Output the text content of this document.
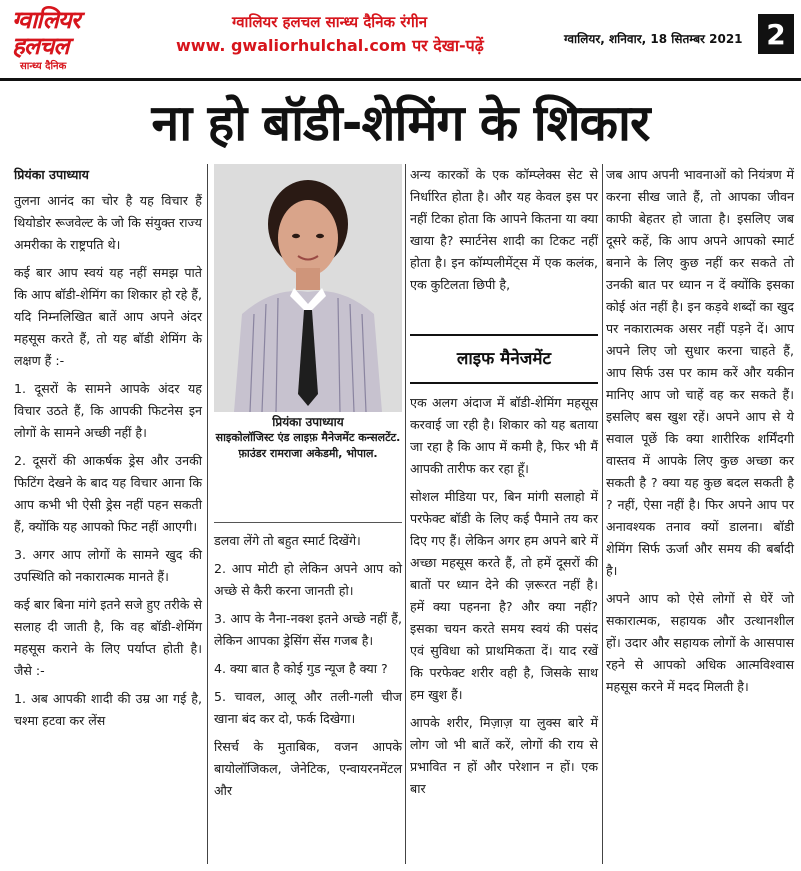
ग्वालियर
हलचल
सान्ध्य दैनिक
ग्वालियर हलचल सान्ध्य दैनिक रंगीन
www. gwaliorhulchal.com पर देखा-पढ़ें	ग्वालियर, शनिवार, 18 सितम्बर 2021 2
ना हो बॉडी-शेमिंग के शिकार

प्रियंका उपाध्याय

तुलना आनंद का चोर है यह विचार हैं थियोडोर रूजवेल्ट के जो कि संयुक्त राज्य अमरीका के राष्ट्रपति थे।

कई बार आप स्वयं यह नहीं समझ पाते कि आप बॉडी-शेमिंग का शिकार हो रहे हैं, यदि निम्नलिखित बातें आप अपने अंदर महसूस करते हैं, तो यह बॉडी शेमिंग के लक्षण हैं :-

1. दूसरों के सामने आपके अंदर यह विचार उठते हैं, कि आपकी फिटनेस इन लोगों के सामने अच्छी नहीं है।

2. दूसरों की आकर्षक ड्रेस और उनकी फिटिंग देखने के बाद यह विचार आना कि आप कभी भी ऐसी ड्रेस नहीं पहन सकती हैं, क्योंकि यह आपको फिट नहीं आएगी।

3. अगर आप लोगों के सामने खुद की उपस्थिति को नकारात्मक मानते हैं।

कई बार बिना मांगे इतने सजे हुए तरीके से सलाह दी जाती है, कि वह बॉडी-शेमिंग महसूस कराने के लिए पर्याप्त होती है। जैसे :-

1. अब आपकी शादी की उम्र आ गई है, चश्मा हटवा कर लेंस

प्रियंका उपाध्याय
साइकोलॉजिस्ट एंड लाइफ़ मैनेजमेंट कन्सलटेंट.
फ़ाउंडर रामराजा अकेडमी, भोपाल.

डलवा लेंगे तो बहुत स्मार्ट दिखेंगे।

2. आप मोटी हो लेकिन अपने आप को अच्छे से कैरी करना जानती हो।

3. आप के नैना-नक्श इतने अच्छे नहीं हैं, लेकिन आपका ड्रेसिंग सेंस गजब है।

4. क्या बात है कोई गुड न्यूज है क्या ?

5. चावल, आलू और तली-गली चीज खाना बंद कर दो, फर्क दिखेगा।

रिसर्च के मुताबिक, वजन आपके बायोलॉजिकल, जेनेटिक, एन्वायरनमेंटल और

अन्य कारकों के एक कॉम्प्लेक्स सेट से निर्धारित होता है। और यह केवल इस पर नहीं टिका होता कि आपने कितना या क्या खाया है? स्मार्टनेस शादी का टिकट नहीं होता है। इन कॉम्पलीमेंट्स में एक कलंक, एक कुटिलता छिपी है,

लाइफ मैनेजमेंट

एक अलग अंदाज में बॉडी-शेमिंग महसूस करवाई जा रही है। शिकार को यह बताया जा रहा है कि आप में कमी है, फिर भी मैं आपकी तारीफ कर रहा हूँ।

सोशल मीडिया पर, बिन मांगी सलाहो में परफेक्ट बॉडी के लिए कई पैमाने तय कर दिए गए हैं। लेकिन अगर हम अपने बारे में अच्छा महसूस करते हैं, तो हमें दूसरों की बातों पर ध्यान देने की ज़रूरत नहीं है। हमें क्या पहनना है? और क्या नहीं? इसका चयन करते समय स्वयं की पसंद एवं सुविधा को प्राथमिकता दें। याद रखें कि परफेक्ट शरीर वही है, जिसके साथ हम खुश हैं।

आपके शरीर, मिज़ाज़ या लुक्स बारे में लोग जो भी बातें करें, लोगों की राय से प्रभावित न हों और परेशान न हों। एक बार

जब आप अपनी भावनाओं को नियंत्रण में करना सीख जाते हैं, तो आपका जीवन काफी बेहतर हो जाता है। इसलिए जब दूसरे कहें, कि आप अपने आपको स्मार्ट बनाने के लिए कुछ नहीं कर सकते तो उनकी बात पर ध्यान न दें क्योंकि इसका कोई अंत नहीं है। इन कड़वे शब्दों का खुद पर नकारात्मक असर नहीं पड़ने दें। आप अपने लिए जो सुधार करना चाहते हैं, आप सिर्फ उस पर काम करें और यकीन मानिए आप जो चाहें वह कर सकते हैं। इसलिए बस खुश रहें। अपने आप से ये सवाल पूछें कि क्या शारीरिक शर्मिंदगी वास्तव में आपके लिए कुछ अच्छा कर सकती है ? क्या यह कुछ बदल सकती है ? नहीं, ऐसा नहीं है। फिर अपने आप पर अनावश्यक तनाव क्यों डालना। बॉडी शेमिंग सिर्फ ऊर्जा और समय की बर्बादी है।

अपने आप को ऐसे लोगों से घेरें जो सकारात्मक, सहायक और उत्थानशील हों। उदार और सहायक लोगों के आसपास रहने से आपको अधिक आत्मविश्वास महसूस करने में मदद मिलती है।
